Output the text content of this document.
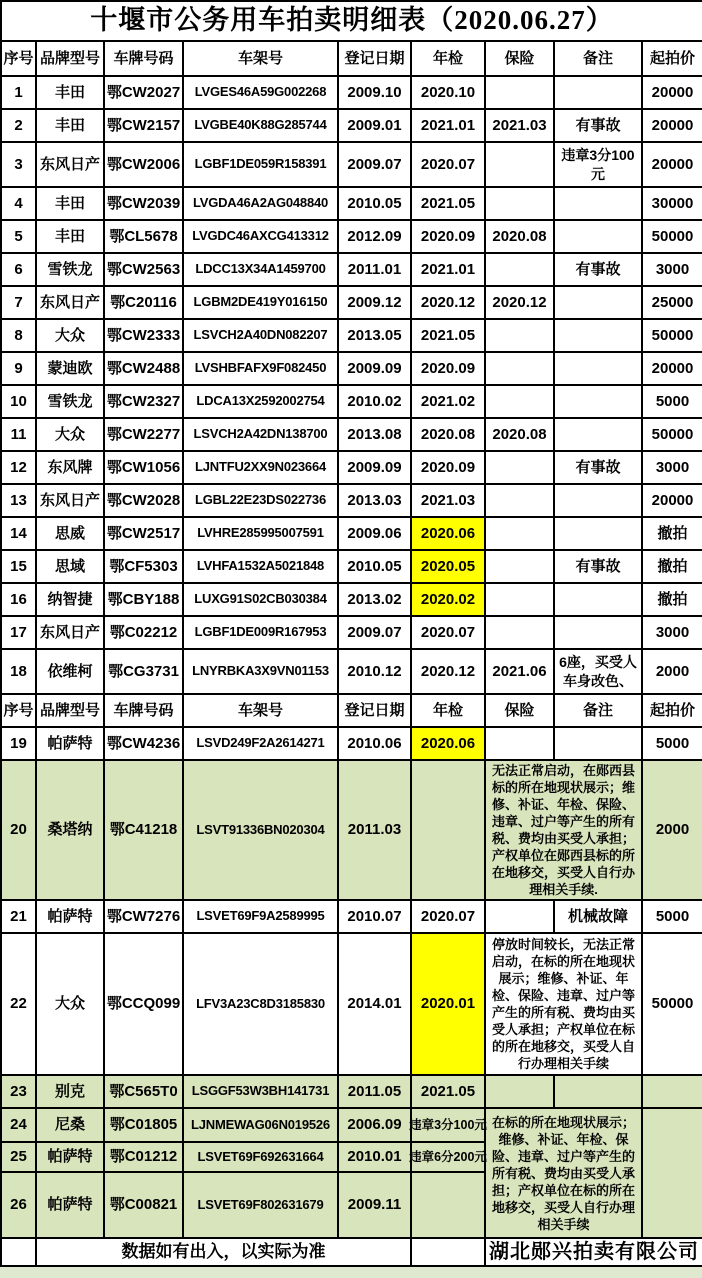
十堰市公务用车拍卖明细表（2020.06.27）								
序号	品牌型号	车牌号码	车架号	登记日期	年检	保险	备注	起拍价
1	丰田	鄂CW2027	LVGES46A59G002268	2009.10	2020.10			20000
2	丰田	鄂CW2157	LVGBE40K88G285744	2009.01	2021.01	2021.03	有事故	20000
3	东风日产	鄂CW2006	LGBF1DE059R158391	2009.07	2020.07		违章3分100元	20000
4	丰田	鄂CW2039	LVGDA46A2AG048840	2010.05	2021.05			30000
5	丰田	鄂CL5678	LVGDC46AXCG413312	2012.09	2020.09	2020.08		50000
6	雪铁龙	鄂CW2563	LDCC13X34A1459700	2011.01	2021.01		有事故	3000
7	东风日产	鄂C20116	LGBM2DE419Y016150	2009.12	2020.12	2020.12		25000
8	大众	鄂CW2333	LSVCH2A40DN082207	2013.05	2021.05			50000
9	蒙迪欧	鄂CW2488	LVSHBFAFX9F082450	2009.09	2020.09			20000
10	雪铁龙	鄂CW2327	LDCA13X2592002754	2010.02	2021.02			5000
11	大众	鄂CW2277	LSVCH2A42DN138700	2013.08	2020.08	2020.08		50000
12	东风牌	鄂CW1056	LJNTFU2XX9N023664	2009.09	2020.09		有事故	3000
13	东风日产	鄂CW2028	LGBL22E23DS022736	2013.03	2021.03			20000
14	思威	鄂CW2517	LVHRE285995007591	2009.06	2020.06			撤拍
15	思域	鄂CF5303	LVHFA1532A5021848	2010.05	2020.05		有事故	撤拍
16	纳智捷	鄂CBY188	LUXG91S02CB030384	2013.02	2020.02			撤拍
17	东风日产	鄂C02212	LGBF1DE009R167953	2009.07	2020.07			3000
18	依维柯	鄂CG3731	LNYRBKA3X9VN01153	2010.12	2020.12	2021.06	6座，买受人车身改色、	2000
序号	品牌型号	车牌号码	车架号	登记日期	年检	保险	备注	起拍价
19	帕萨特	鄂CW4236	LSVD249F2A2614271	2010.06	2020.06			5000
20	桑塔纳	鄂C41218	LSVT91336BN020304	2011.03		无法正常启动，在郧西县标的所在地现状展示；维修、补证、年检、保险、违章、过户等产生的所有税、费均由买受人承担；产权单位在郧西县标的所在地移交，买受人自行办理相关手续.		2000
21	帕萨特	鄂CW7276	LSVET69F9A2589995	2010.07	2020.07		机械故障	5000
22	大众	鄂CCQ099	LFV3A23C8D3185830	2014.01	2020.01	停放时间较长，无法正常启动，在标的所在地现状展示；维修、补证、年检、保险、违章、过户等产生的所有税、费均由买受人承担；产权单位在标的所在地移交，买受人自行办理相关手续		50000
23	别克	鄂C565T0	LSGGF53W3BH141731	2011.05	2021.05			
24	尼桑	鄂C01805	LJNMEWAG06N019526	2006.09	违章3分100元	在标的所在地现状展示；维修、补证、年检、保险、违章、过户等产生的所有税、费均由买受人承担；产权单位在标的所在地移交，买受人自行办理相关手续		
25	帕萨特	鄂C01212	LSVET69F692631664	2010.01	违章6分200元			
26	帕萨特	鄂C00821	LSVET69F802631679	2009.11				
	数据如有出入，以实际为准					湖北郧兴拍卖有限公司		
